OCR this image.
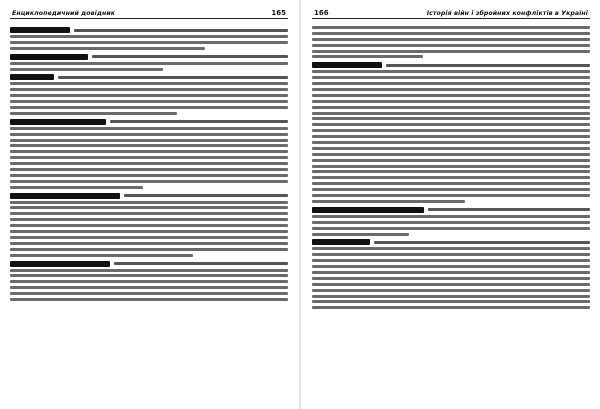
Енциклопедичний довідник	165	166	Історія війн і збройних конфліктів в Україні
